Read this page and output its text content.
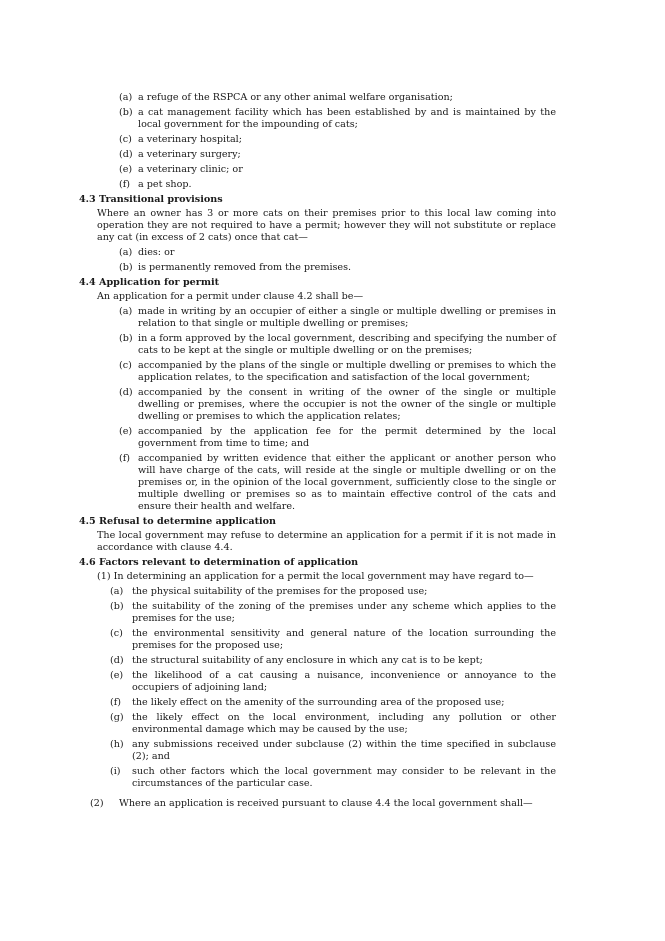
(a) a refuge of the RSPCA or any other animal welfare organisation;
(b) a cat management facility which has been established by and is maintained by the local government for the impounding of cats;
(c) a veterinary hospital;
(d) a veterinary surgery;
(e) a veterinary clinic; or
(f) a pet shop.
4.3 Transitional provisions
Where an owner has 3 or more cats on their premises prior to this local law coming into operation they are not required to have a permit; however they will not substitute or replace any cat (in excess of 2 cats) once that cat—
(a) dies: or
(b) is permanently removed from the premises.
4.4 Application for permit
An application for a permit under clause 4.2 shall be—
(a) made in writing by an occupier of either a single or multiple dwelling or premises in relation to that single or multiple dwelling or premises;
(b) in a form approved by the local government, describing and specifying the number of cats to be kept at the single or multiple dwelling or on the premises;
(c) accompanied by the plans of the single or multiple dwelling or premises to which the application relates, to the specification and satisfaction of the local government;
(d) accompanied by the consent in writing of the owner of the single or multiple dwelling or premises, where the occupier is not the owner of the single or multiple dwelling or premises to which the application relates;
(e) accompanied by the application fee for the permit determined by the local government from time to time; and
(f) accompanied by written evidence that either the applicant or another person who will have charge of the cats, will reside at the single or multiple dwelling or on the premises or, in the opinion of the local government, sufficiently close to the single or multiple dwelling or premises so as to maintain effective control of the cats and ensure their health and welfare.
4.5 Refusal to determine application
The local government may refuse to determine an application for a permit if it is not made in accordance with clause 4.4.
4.6 Factors relevant to determination of application
(1) In determining an application for a permit the local government may have regard to—
(a) the physical suitability of the premises for the proposed use;
(b) the suitability of the zoning of the premises under any scheme which applies to the premises for the use;
(c) the environmental sensitivity and general nature of the location surrounding the premises for the proposed use;
(d) the structural suitability of any enclosure in which any cat is to be kept;
(e) the likelihood of a cat causing a nuisance, inconvenience or annoyance to the occupiers of adjoining land;
(f)	the likely effect on the amenity of the surrounding area of the proposed use;
(g) the likely effect on the local environment, including any pollution or other environmental damage which may be caused by the use;
(h) any submissions received under subclause (2) within the time specified in subclause (2); and
(i)	such other factors which the local government may consider to be relevant in the circumstances of the particular case.
(2)	Where an application is received pursuant to clause 4.4 the local government shall—
